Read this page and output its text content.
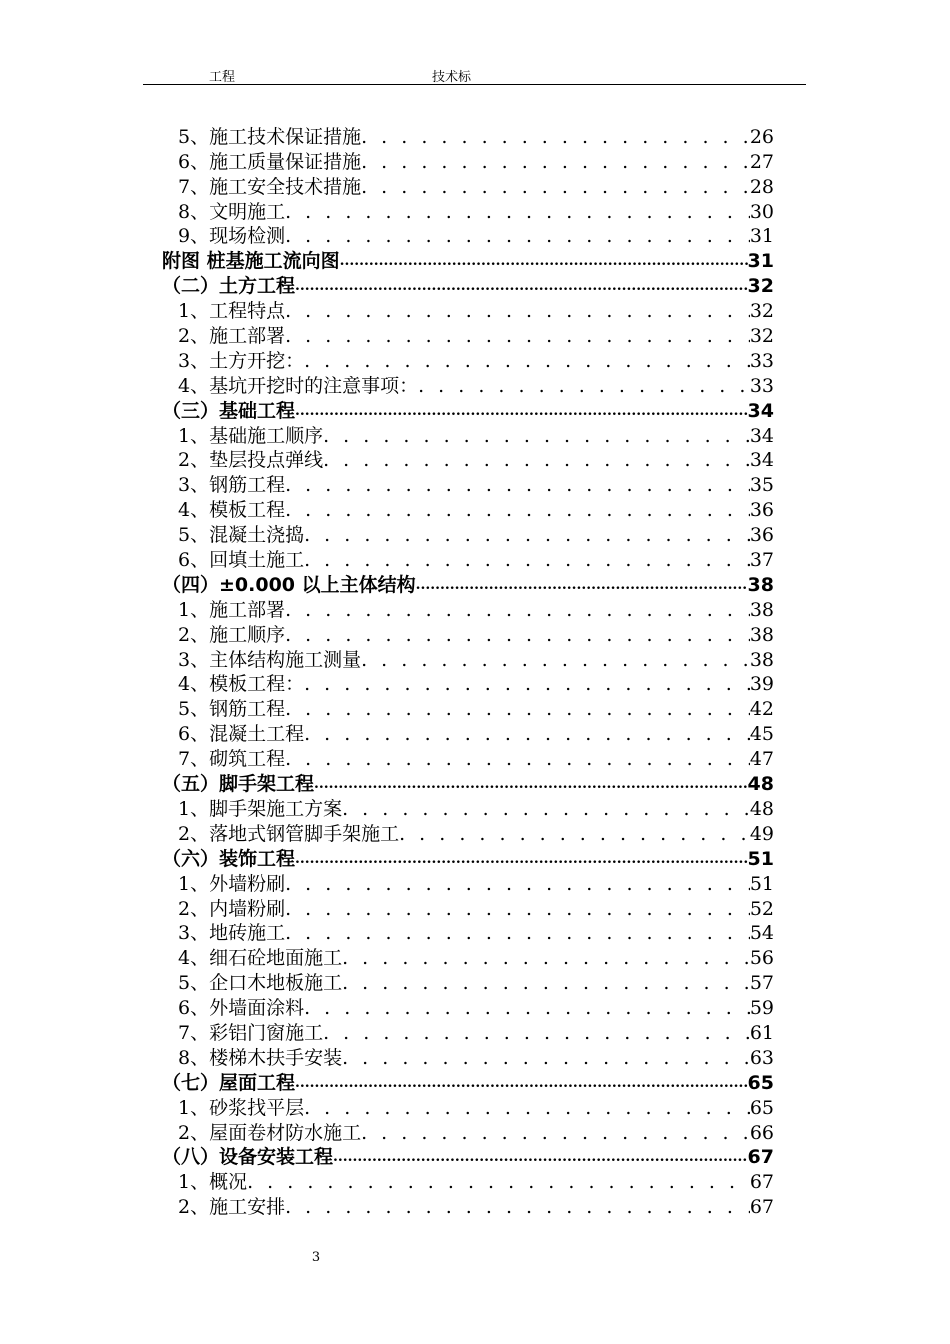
工程	技术标
5、施工技术保证措施 . . .	26
6、施工质量保证措施 . . .	27
7、施工安全技术措施 . . .	28
8、文明施工 . . .	30
9、现场检测 . . .	31
附图 桩基施工流向图 .....	31
（二）土方工程 .....	32
1、工程特点 . . .	32
2、施工部署 . . .	32
3、土方开挖： . . .	33
4、基坑开挖时的注意事项： . . .	33
（三）基础工程 .....	34
1、基础施工顺序 . . .	34
2、垫层投点弹线 . . .	34
3、钢筋工程 . . .	35
4、模板工程 . . .	36
5、混凝土浇捣 . . .	36
6、回填土施工 . . .	37
（四）±0.000 以上主体结构 .....	38
1、施工部署 . . .	38
2、施工顺序 . . .	38
3、主体结构施工测量 . . .	38
4、模板工程： . . .	39
5、钢筋工程 . . .	42
6、混凝土工程 . . .	45
7、砌筑工程 . . .	47
（五）脚手架工程 .....	48
1、脚手架施工方案 . . .	48
2、落地式钢管脚手架施工 . . .	49
（六）装饰工程 .....	51
1、外墙粉刷 . . .	51
2、内墙粉刷 . . .	52
3、地砖施工 . . .	54
4、细石砼地面施工 . . .	56
5、企口木地板施工 . . .	57
6、外墙面涂料 . . .	59
7、彩铝门窗施工 . . .	61
8、楼梯木扶手安装 . . .	63
（七）屋面工程 .....	65
1、砂浆找平层 . . .	65
2、屋面卷材防水施工 . . .	66
（八）设备安装工程 .....	67
1、概况 . . .	67
2、施工安排 . . .	67
3
